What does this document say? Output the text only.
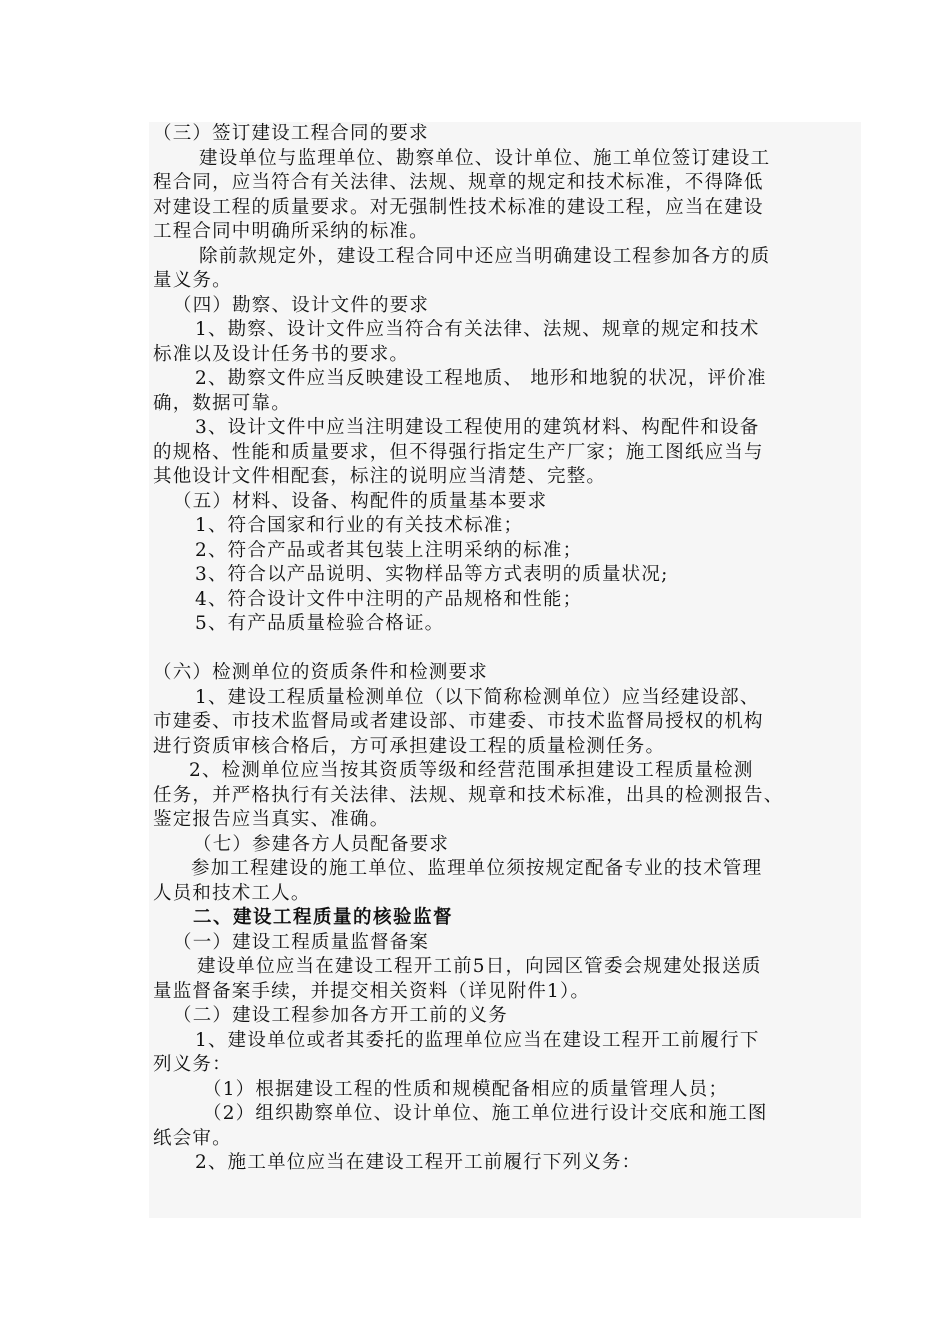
（三）签订建设工程合同的要求
建设单位与监理单位、勘察单位、设计单位、施工单位签订建设工
程合同，应当符合有关法律、法规、规章的规定和技术标准，不得降低
对建设工程的质量要求。对无强制性技术标准的建设工程，应当在建设
工程合同中明确所采纳的标准。
除前款规定外，建设工程合同中还应当明确建设工程参加各方的质
量义务。
（四）勘察、设计文件的要求
1、勘察、设计文件应当符合有关法律、法规、规章的规定和技术
标准以及设计任务书的要求。
2、勘察文件应当反映建设工程地质、 地形和地貌的状况，评价准
确，数据可靠。
3、设计文件中应当注明建设工程使用的建筑材料、构配件和设备
的规格、性能和质量要求，但不得强行指定生产厂家；施工图纸应当与
其他设计文件相配套，标注的说明应当清楚、完整。
（五）材料、设备、构配件的质量基本要求
1、符合国家和行业的有关技术标准；
2、符合产品或者其包装上注明采纳的标准；
3、符合以产品说明、实物样品等方式表明的质量状况;
4、符合设计文件中注明的产品规格和性能；
5、有产品质量检验合格证。
（六）检测单位的资质条件和检测要求
1、建设工程质量检测单位（以下简称检测单位）应当经建设部、
市建委、市技术监督局或者建设部、市建委、市技术监督局授权的机构
进行资质审核合格后，方可承担建设工程的质量检测任务。
2、检测单位应当按其资质等级和经营范围承担建设工程质量检测
任务，并严格执行有关法律、法规、规章和技术标准，出具的检测报告、
鉴定报告应当真实、准确。
（七）参建各方人员配备要求
参加工程建设的施工单位、监理单位须按规定配备专业的技术管理
人员和技术工人。
二、建设工程质量的核验监督
（一）建设工程质量监督备案
建设单位应当在建设工程开工前5日，向园区管委会规建处报送质
量监督备案手续，并提交相关资料（详见附件1）。
（二）建设工程参加各方开工前的义务
1、建设单位或者其委托的监理单位应当在建设工程开工前履行下
列义务：
（1）根据建设工程的性质和规模配备相应的质量管理人员；
（2）组织勘察单位、设计单位、施工单位进行设计交底和施工图
纸会审。
2、施工单位应当在建设工程开工前履行下列义务：
